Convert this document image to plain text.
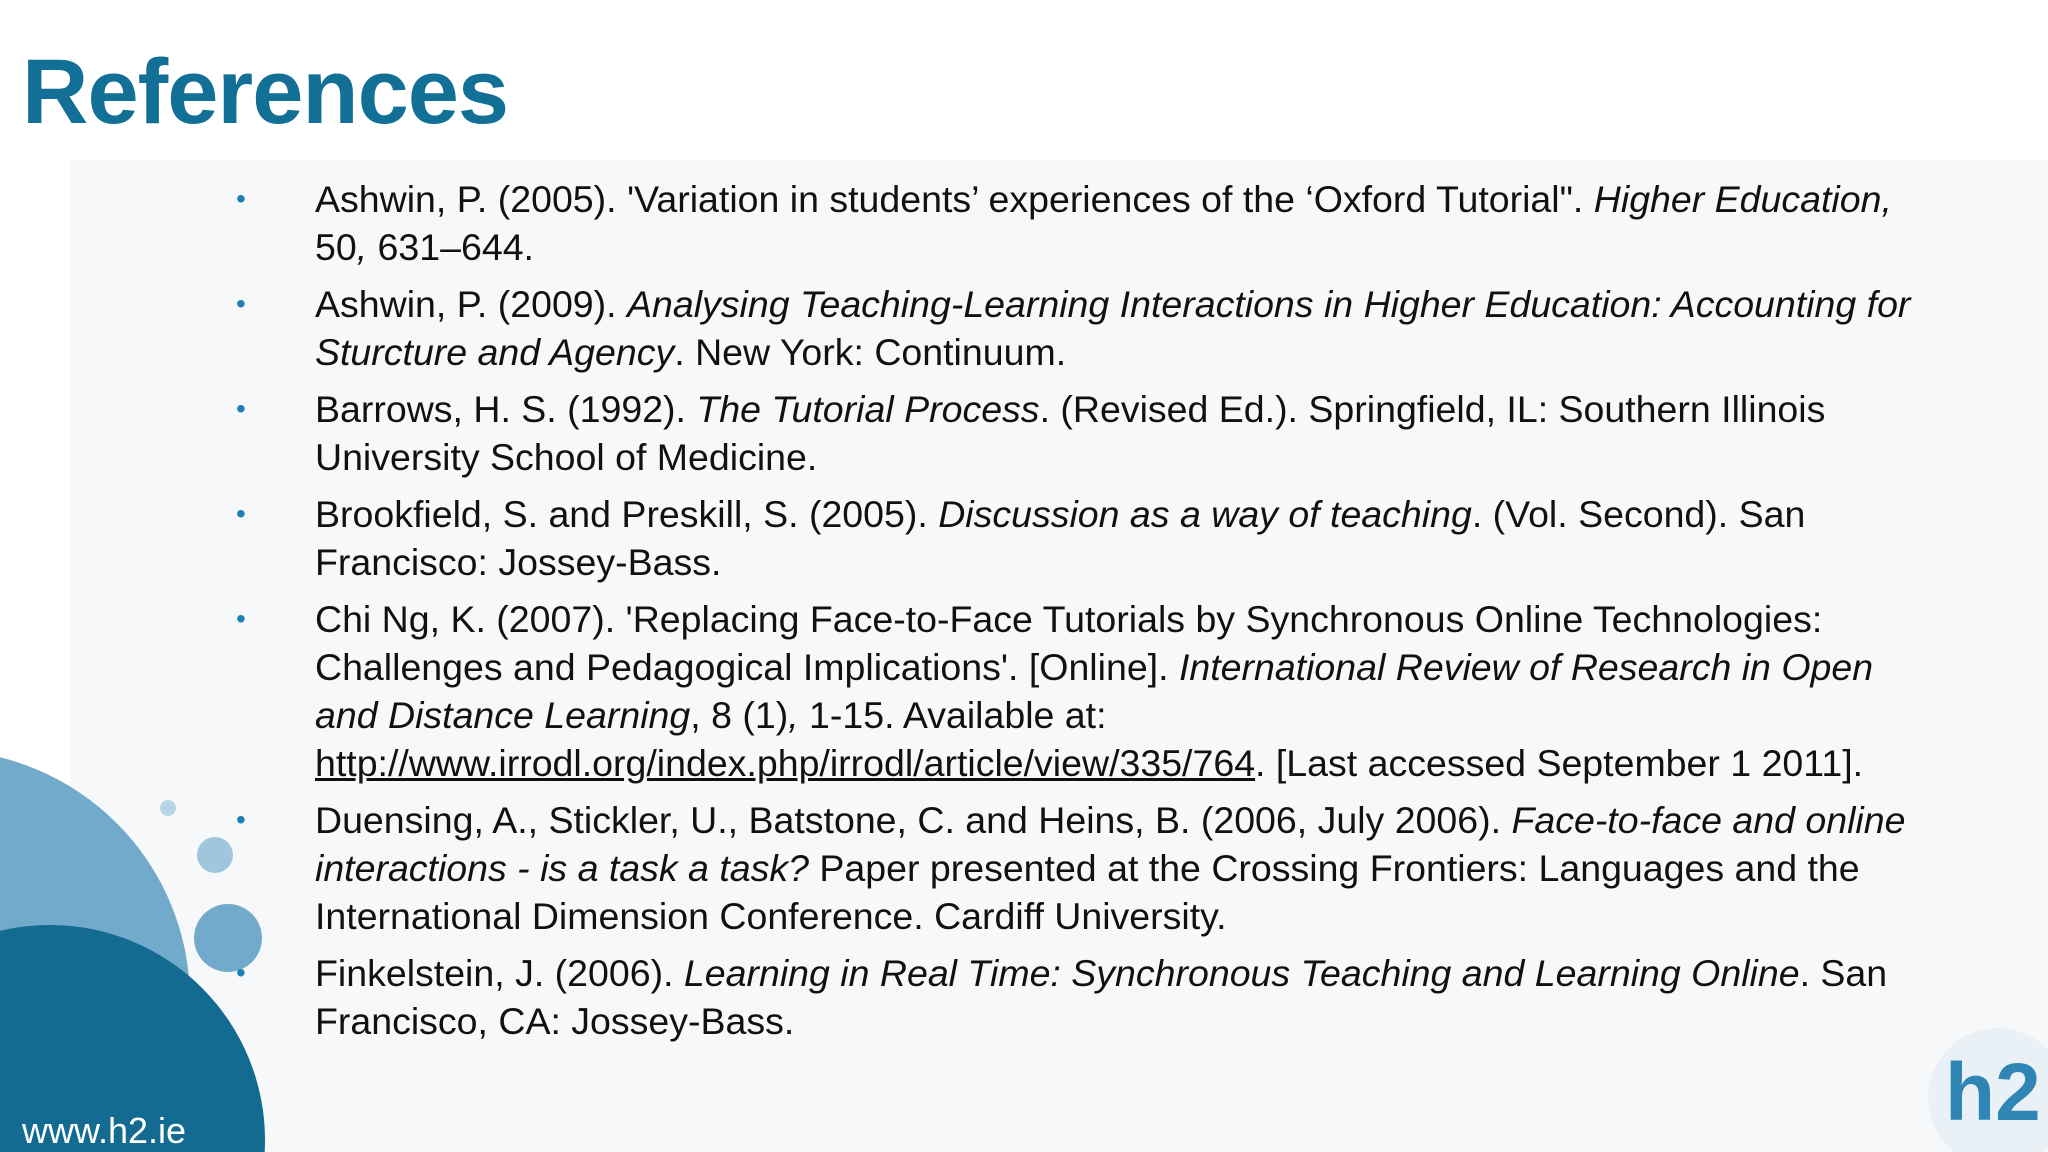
h2
References
• Ashwin, P. (2005). 'Variation in students’ experiences of the ‘Oxford Tutorial". Higher Education, 50, 631–644.
• Ashwin, P. (2009). Analysing Teaching-Learning Interactions in Higher Education: Accounting for Sturcture and Agency. New York: Continuum.
• Barrows, H. S. (1992). The Tutorial Process. (Revised Ed.). Springfield, IL: Southern Illinois University School of Medicine.
• Brookfield, S. and Preskill, S. (2005). Discussion as a way of teaching. (Vol. Second). San Francisco: Jossey-Bass.
• Chi Ng, K. (2007). 'Replacing Face-to-Face Tutorials by Synchronous Online Technologies: Challenges and Pedagogical Implications'. [Online]. International Review of Research in Open and Distance Learning, 8 (1), 1-15. Available at: http://www.irrodl.org/index.php/irrodl/article/view/335/764. [Last accessed September 1 2011].
• Duensing, A., Stickler, U., Batstone, C. and Heins, B. (2006, July 2006). Face-to-face and online interactions - is a task a task? Paper presented at the Crossing Frontiers: Languages and the International Dimension Conference. Cardiff University.
• Finkelstein, J. (2006). Learning in Real Time: Synchronous Teaching and Learning Online. San Francisco, CA: Jossey-Bass.
www.h2.ie
